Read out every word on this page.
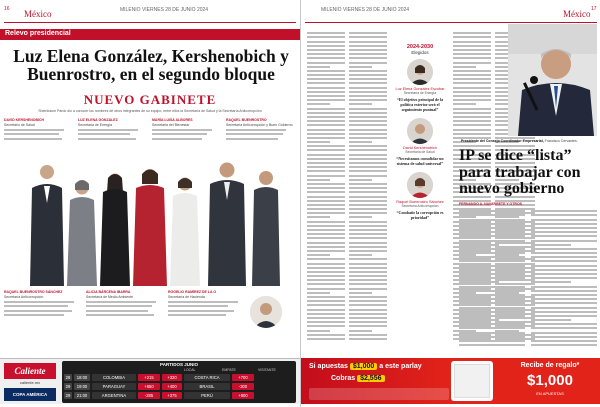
16 México	MILENIO VIERNES 28 DE JUNIO 2024
Relevo presidencial
Luz Elena González, Kershenobich y Buenrostro, en el segundo bloque
NUEVO GABINETE
Sheinbaum Pardo dio a conocer los nombres de otros integrantes de su equipo, entre ellos la Secretaría de Salud y la Secretaría Anticorrupción
DAVID KERSHENOBICH
Secretario de Salud
LUZ ELENA GONZÁLEZ
Secretaria de Energía
MARÍA LUISA ALBORES
Secretaria del Bienestar
RAQUEL BUENROSTRO
Secretaría Anticorrupción y Buen Gobierno
RAQUEL BUENROSTRO SÁNCHEZ
Secretaría Anticorrupción
ALICIA BÁRCENA IBARRA
Secretaría de Medio Ambiente
ROGELIO RAMÍREZ DE LA O
Secretaría de Hacienda
Caliente
caliente.mx
COPA AMÉRICA
PARTIDOS JUNIO
LOCAL	EMPATE	VISITANTE
28	18:00	COLOMBIA	+215	+320	COSTA RICA	+700
29	19:00	PARAGUAY	+650	+400	BRASIL	-300
29	21:00	ARGENTINA	-285	+375	PERÚ	+800
MILENIO VIERNES 28 DE JUNIO 2024	México 17
2024-2030
Elegidos
Luz Elena González Escobar
Secretaría de Energía
“El objetivo principal de la política exterior será el seguimiento puntual”
David Kershenobich
Secretaría de Salud
“Necesitamos consolidar un sistema de salud universal”
Raquel Buenrostro Sánchez
Secretaría Anticorrupción
“Combatir la corrupción es prioridad”
Presidente del Consejo Coordinador Empresarial, Francisco Cervantes.
IP se dice “lista” para trabajar con nuevo gobierno
FERNANDO A. NAVARRETE Y OTROS
Si apuestas $1,000 a este parlay
Cobras $2,556
Recibe de regalo*
$1,000
EN APUESTAS
